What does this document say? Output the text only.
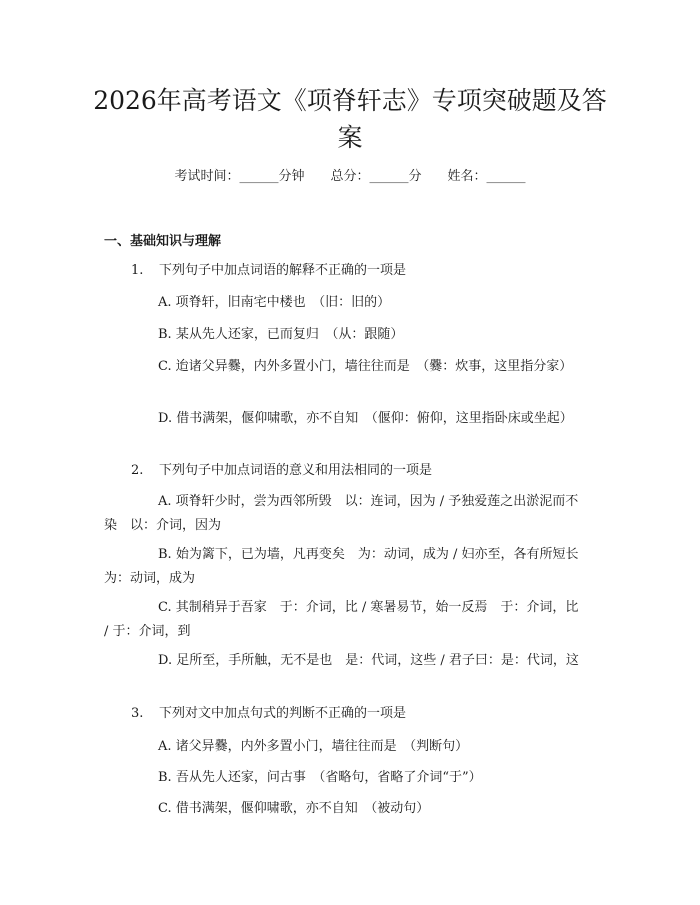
2026年高考语文《项脊轩志》专项突破题及答案
考试时间：______分钟　　总分：______分　　姓名：______
一、基础知识与理解
1. 下列句子中加点词语的解释不正确的一项是

A. 项脊轩，旧南宅中楼也　（旧：旧的）

B. 某从先人还家，已而复归　（从：跟随）

C. 迨诸父异爨，内外多置小门，墙往往而是　（爨：炊事，这里指分家）

D. 借书满架，偃仰啸歌，亦不自知　（偃仰：俯仰，这里指卧床或坐起）

2. 下列句子中加点词语的意义和用法相同的一项是

A. 项脊轩少时，尝为西邻所毁　以：连词，因为 / 予独爱莲之出淤泥而不染　以：介词，因为

B. 始为篱下，已为墙，凡再变矣　为：动词，成为 / 妇亦至，各有所短长　为：动词，成为

C. 其制稍异于吾家　于：介词，比 / 寒暑易节，始一反焉　于：介词，比 / 于：介词，到

D. 足所至，手所触，无不是也　是：代词，这些 / 君子曰：是：代词，这

3. 下列对文中加点句式的判断不正确的一项是

A. 诸父异爨，内外多置小门，墙往往而是　（判断句）

B. 吾从先人还家，问古事　（省略句，省略了介词“于”）

C. 借书满架，偃仰啸歌，亦不自知　（被动句）
